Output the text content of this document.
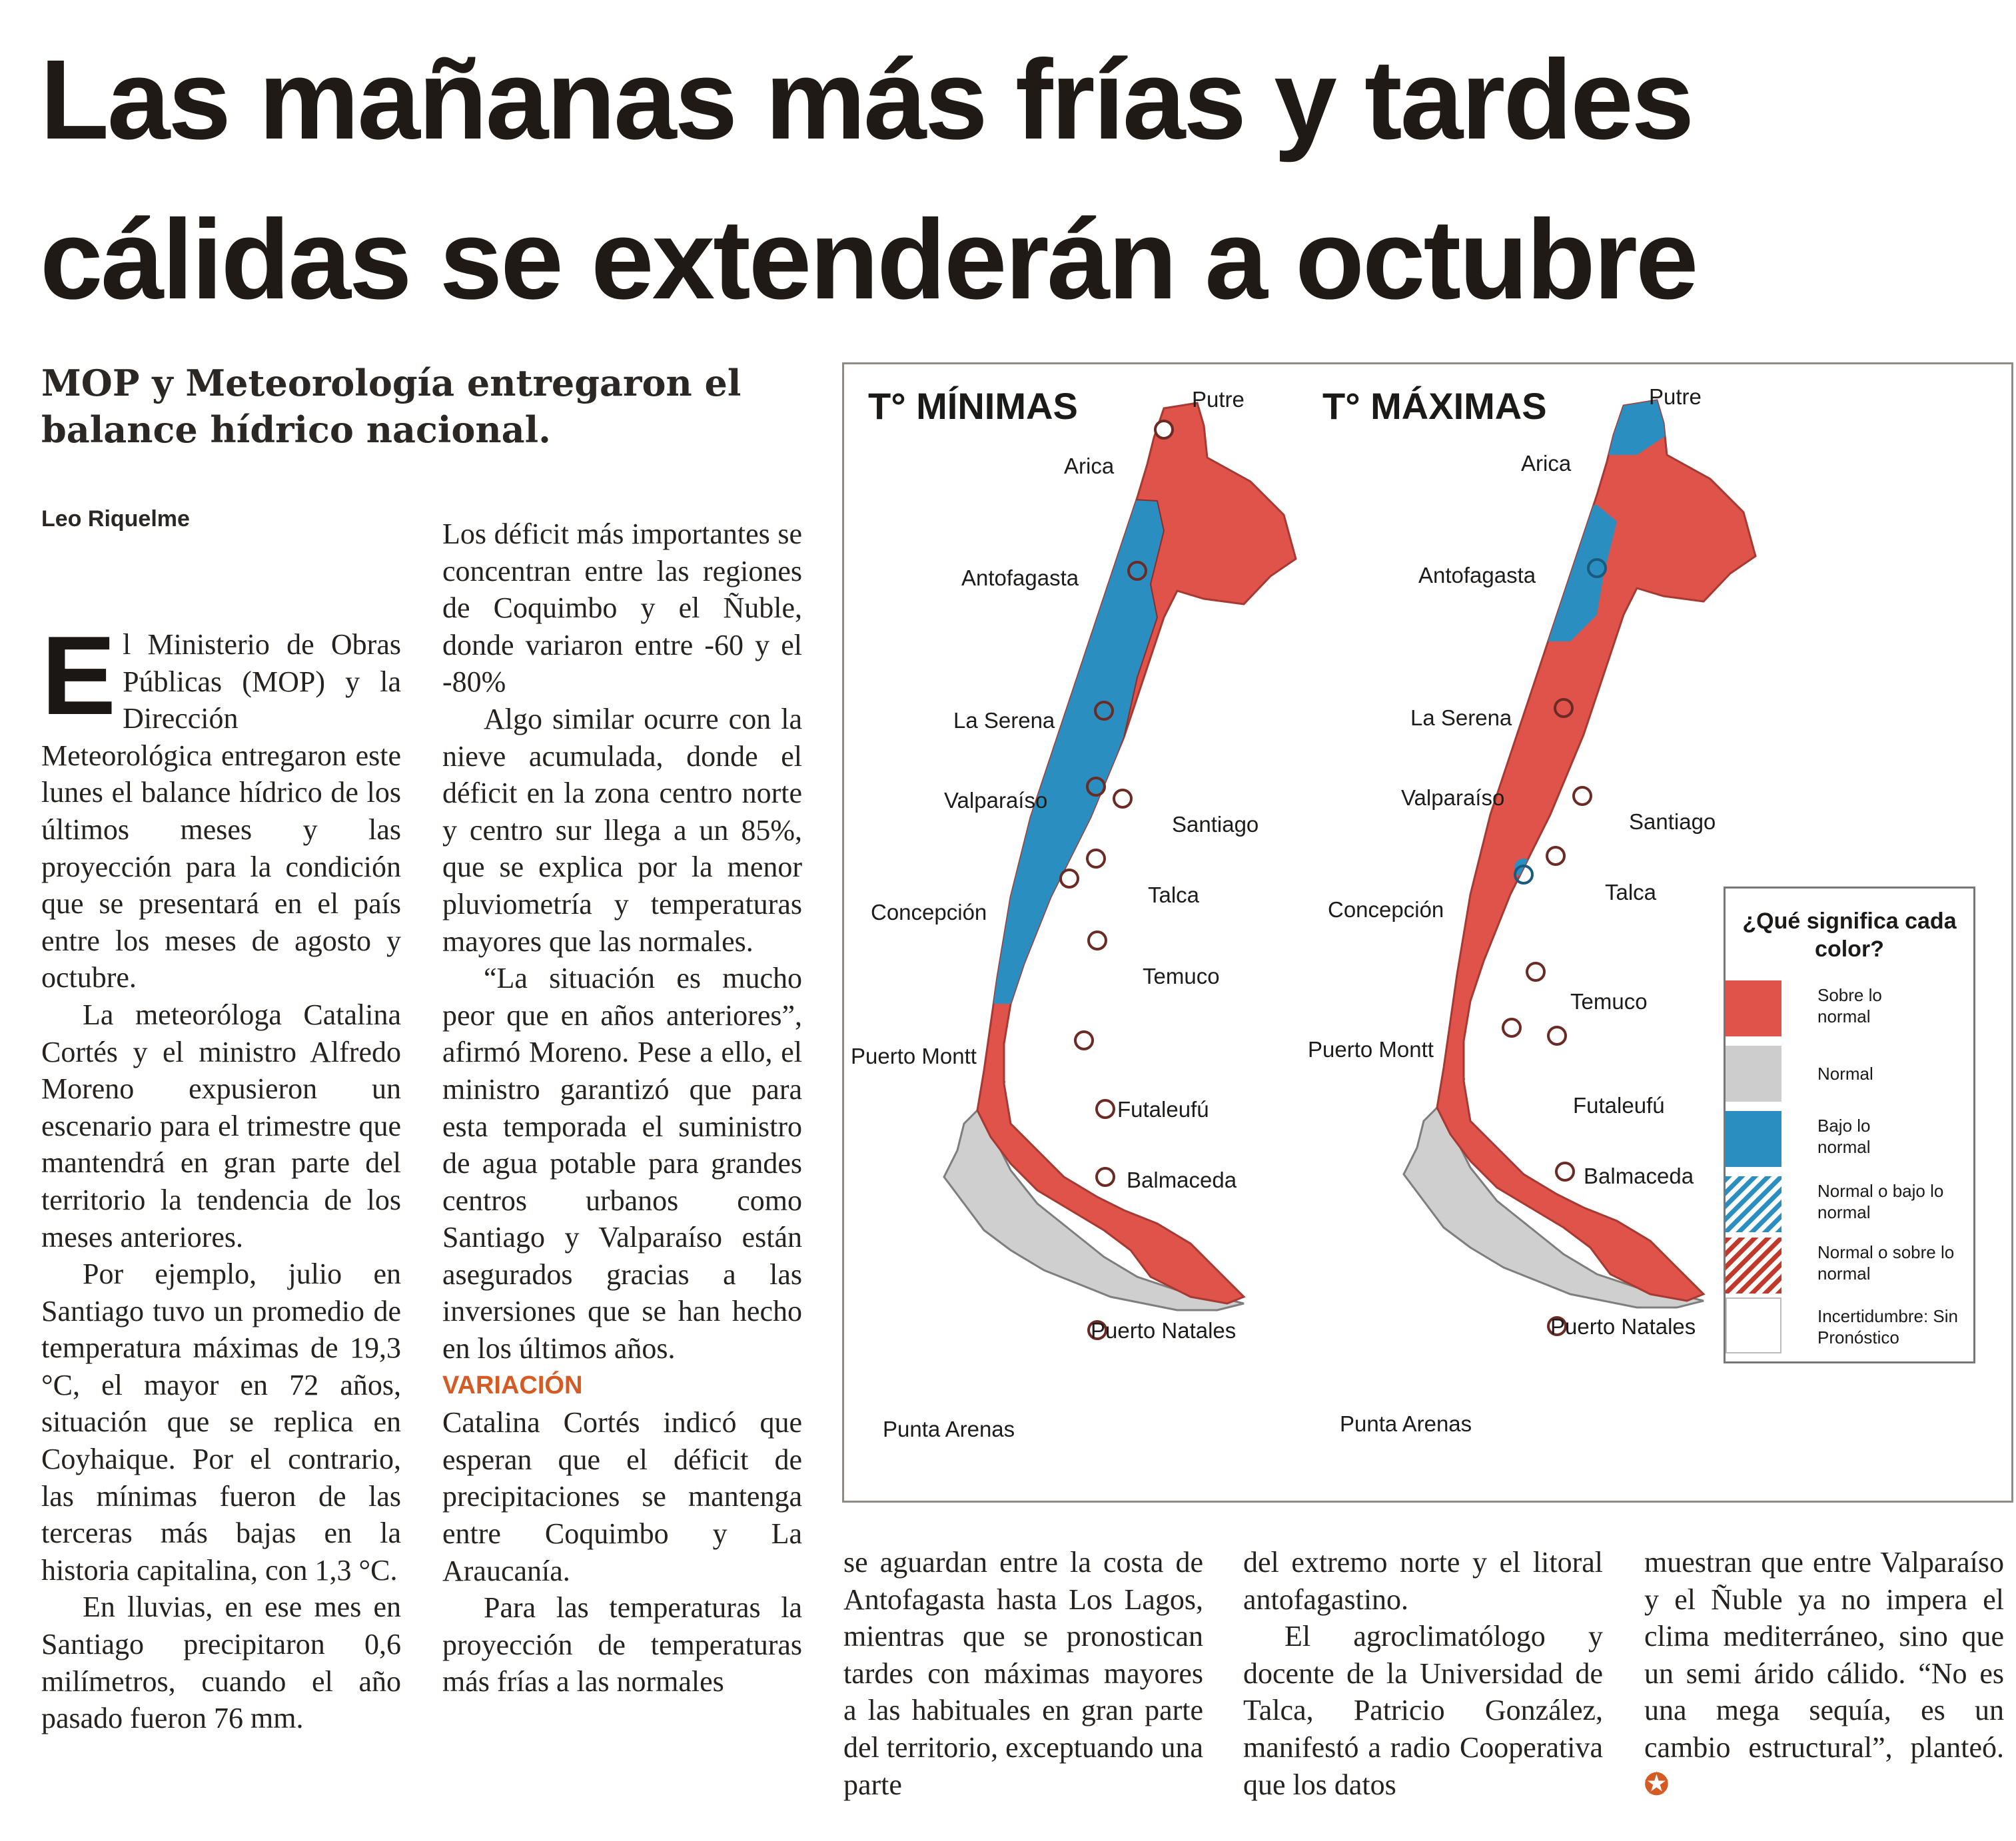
Las mañanas más frías y tardes
cálidas se extenderán a octubre
MOP y Meteorología entregaron el balance hídrico nacional.
Leo Riquelme

El Ministerio de Obras Públicas (MOP) y la Dirección Meteorológica entregaron este lunes el balance hídrico de los últimos meses y las proyección para la condición que se presentará en el país entre los meses de agosto y octubre.

La meteoróloga Catalina Cortés y el ministro Alfredo Moreno expusieron un escenario para el trimestre que mantendrá en gran parte del territorio la tendencia de los meses anteriores.

Por ejemplo, julio en Santiago tuvo un promedio de temperatura máximas de 19,3 °C, el mayor en 72 años, situación que se replica en Coyhaique. Por el contrario, las mínimas fueron de las terceras más bajas en la historia capitalina, con 1,3 °C.

En lluvias, en ese mes en Santiago precipitaron 0,6 milímetros, cuando el año pasado fueron 76 mm.

Los déficit más importantes se concentran entre las regiones de Coquimbo y el Ñuble, donde variaron entre -60 y el -80%

Algo similar ocurre con la nieve acumulada, donde el déficit en la zona centro norte y centro sur llega a un 85%, que se explica por la menor pluviometría y temperaturas mayores que las normales.

“La situación es mucho peor que en años anteriores”, afirmó Moreno. Pese a ello, el ministro garantizó que para esta temporada el suministro de agua potable para grandes centros urbanos como Santiago y Valparaíso están asegurados gracias a las inversiones que se han hecho en los últimos años.

VARIACIÓN

Catalina Cortés indicó que esperan que el déficit de precipitaciones se mantenga entre Coquimbo y La Araucanía.

Para las temperaturas la proyección de temperaturas más frías a las normales

se aguardan entre la costa de Antofagasta hasta Los Lagos, mientras que se pronostican tardes con máximas mayores a las habituales en gran parte del territorio, exceptuando una parte

del extremo norte y el litoral antofagastino.

El agroclimatólogo y docente de la Universidad de Talca, Patricio González, manifestó a radio Cooperativa que los datos

muestran que entre Valparaíso y el Ñuble ya no impera el clima mediterráneo, sino que un semi árido cálido. “No es una mega sequía, es un cambio estructural”, planteó. ✪

T° MÍNIMAS	T° MÁXIMAS
Putre
Arica
Antofagasta
La Serena
Valparaíso
Santiago
Concepción
Talca
Temuco
Puerto Montt
Futaleufú
Balmaceda
Puerto Natales
Punta Arenas
Putre
Arica
Antofagasta
La Serena
Valparaíso
Santiago
Concepción
Talca
Temuco
Puerto Montt
Futaleufú
Balmaceda
Puerto Natales
Punta Arenas
¿Qué significa cada color?
Sobre lo normal
Normal
Bajo lo normal
Normal o bajo lo normal
Normal o sobre lo normal
Incertidumbre: Sin Pronóstico
